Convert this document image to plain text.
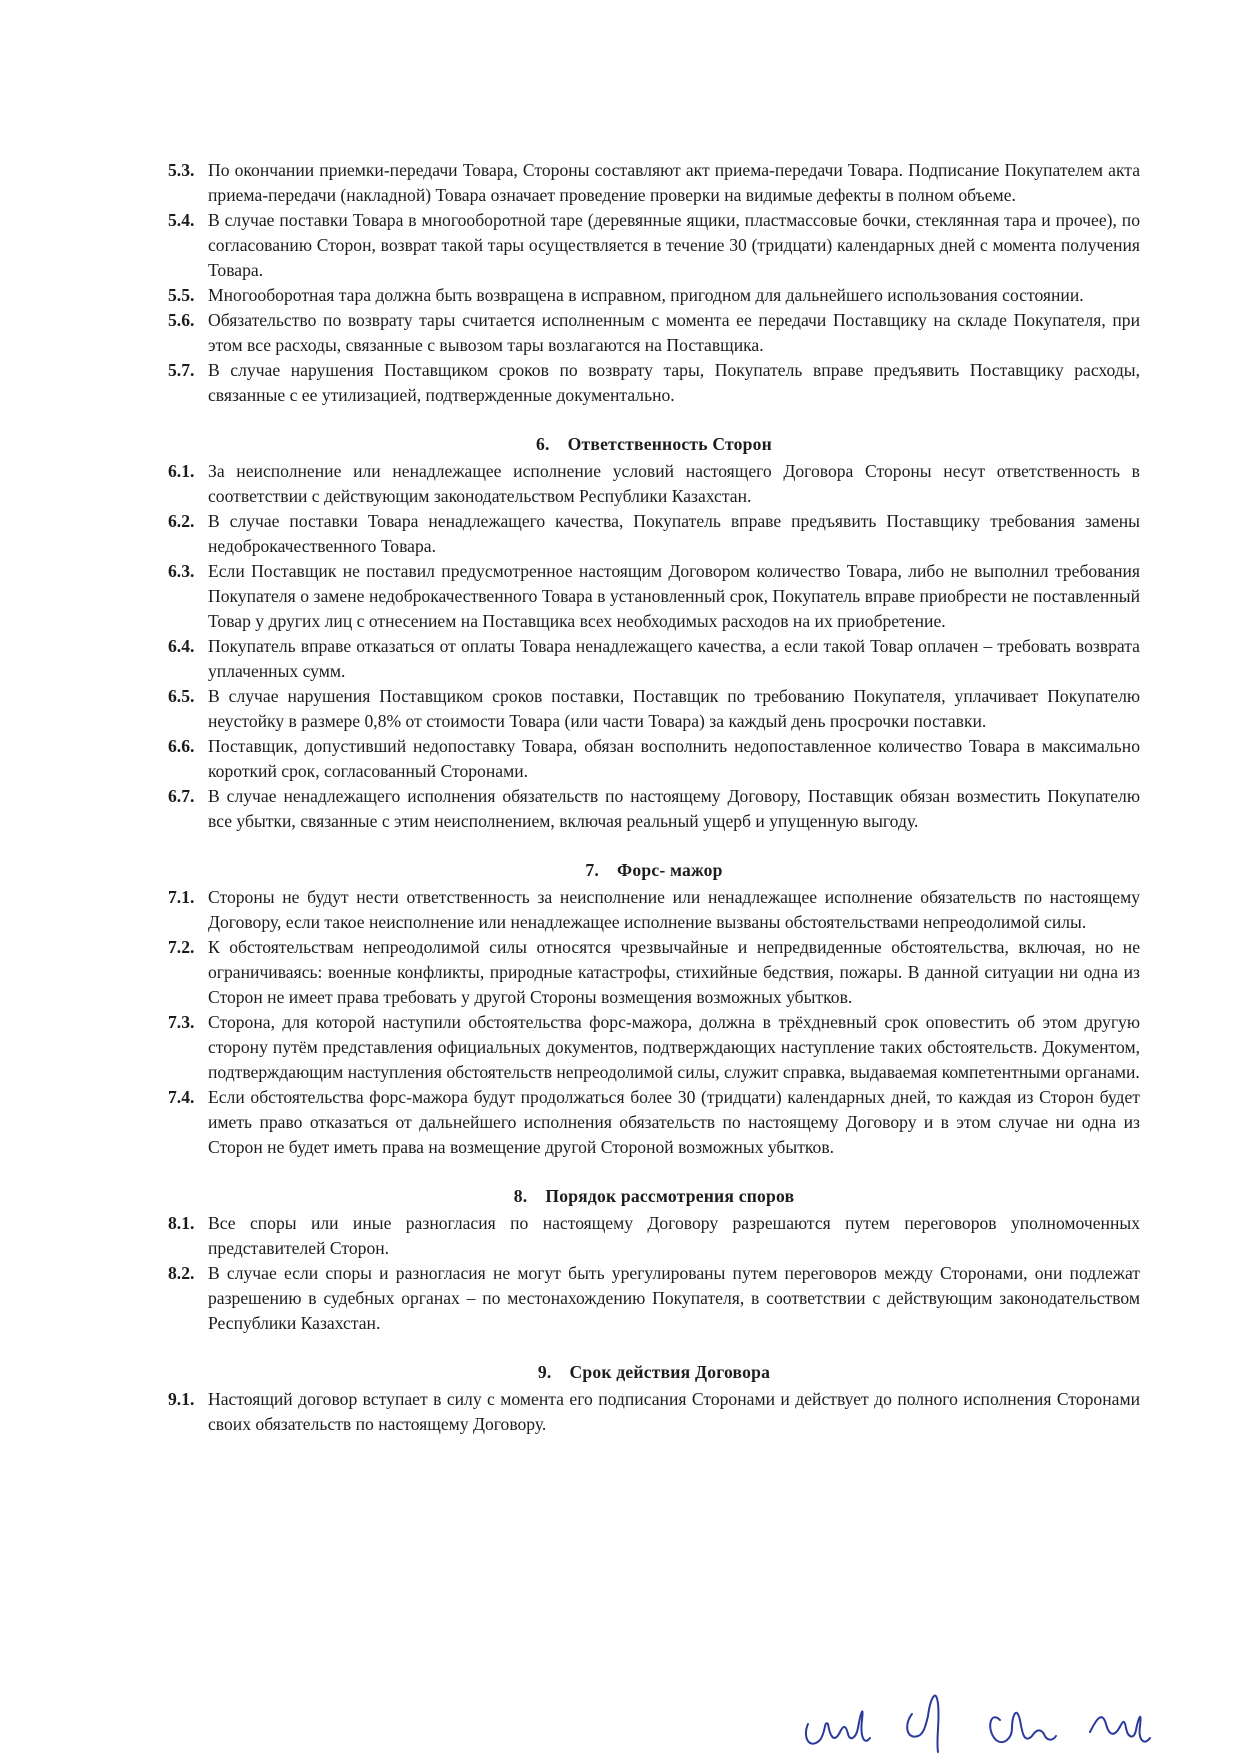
5.3. По окончании приемки-передачи Товара, Стороны составляют акт приема-передачи Товара. Подписание Покупателем акта приема-передачи (накладной) Товара означает проведение проверки на видимые дефекты в полном объеме.
5.4. В случае поставки Товара в многооборотной таре (деревянные ящики, пластмассовые бочки, стеклянная тара и прочее), по согласованию Сторон, возврат такой тары осуществляется в течение 30 (тридцати) календарных дней с момента получения Товара.
5.5. Многооборотная тара должна быть возвращена в исправном, пригодном для дальнейшего использования состоянии.
5.6. Обязательство по возврату тары считается исполненным с момента ее передачи Поставщику на складе Покупателя, при этом все расходы, связанные с вывозом тары возлагаются на Поставщика.
5.7. В случае нарушения Поставщиком сроков по возврату тары, Покупатель вправе предъявить Поставщику расходы, связанные с ее утилизацией, подтвержденные документально.
6. Ответственность Сторон
6.1. За неисполнение или ненадлежащее исполнение условий настоящего Договора Стороны несут ответственность в соответствии с действующим законодательством Республики Казахстан.
6.2. В случае поставки Товара ненадлежащего качества, Покупатель вправе предъявить Поставщику требования замены недоброкачественного Товара.
6.3. Если Поставщик не поставил предусмотренное настоящим Договором количество Товара, либо не выполнил требования Покупателя о замене недоброкачественного Товара в установленный срок, Покупатель вправе приобрести не поставленный Товар у других лиц с отнесением на Поставщика всех необходимых расходов на их приобретение.
6.4. Покупатель вправе отказаться от оплаты Товара ненадлежащего качества, а если такой Товар оплачен – требовать возврата уплаченных сумм.
6.5. В случае нарушения Поставщиком сроков поставки, Поставщик по требованию Покупателя, уплачивает Покупателю неустойку в размере 0,8% от стоимости Товара (или части Товара) за каждый день просрочки поставки.
6.6. Поставщик, допустивший недопоставку Товара, обязан восполнить недопоставленное количество Товара в максимально короткий срок, согласованный Сторонами.
6.7. В случае ненадлежащего исполнения обязательств по настоящему Договору, Поставщик обязан возместить Покупателю все убытки, связанные с этим неисполнением, включая реальный ущерб и упущенную выгоду.
7. Форс- мажор
7.1. Стороны не будут нести ответственность за неисполнение или ненадлежащее исполнение обязательств по настоящему Договору, если такое неисполнение или ненадлежащее исполнение вызваны обстоятельствами непреодолимой силы.
7.2. К обстоятельствам непреодолимой силы относятся чрезвычайные и непредвиденные обстоятельства, включая, но не ограничиваясь: военные конфликты, природные катастрофы, стихийные бедствия, пожары. В данной ситуации ни одна из Сторон не имеет права требовать у другой Стороны возмещения возможных убытков.
7.3. Сторона, для которой наступили обстоятельства форс-мажора, должна в трёхдневный срок оповестить об этом другую сторону путём представления официальных документов, подтверждающих наступление таких обстоятельств. Документом, подтверждающим наступления обстоятельств непреодолимой силы, служит справка, выдаваемая компетентными органами.
7.4. Если обстоятельства форс-мажора будут продолжаться более 30 (тридцати) календарных дней, то каждая из Сторон будет иметь право отказаться от дальнейшего исполнения обязательств по настоящему Договору и в этом случае ни одна из Сторон не будет иметь права на возмещение другой Стороной возможных убытков.
8. Порядок рассмотрения споров
8.1. Все споры или иные разногласия по настоящему Договору разрешаются путем переговоров уполномоченных представителей Сторон.
8.2. В случае если споры и разногласия не могут быть урегулированы путем переговоров между Сторонами, они подлежат разрешению в судебных органах – по местонахождению Покупателя, в соответствии с действующим законодательством Республики Казахстан.
9. Срок действия Договора
9.1. Настоящий договор вступает в силу с момента его подписания Сторонами и действует до полного исполнения Сторонами своих обязательств по настоящему Договору.
